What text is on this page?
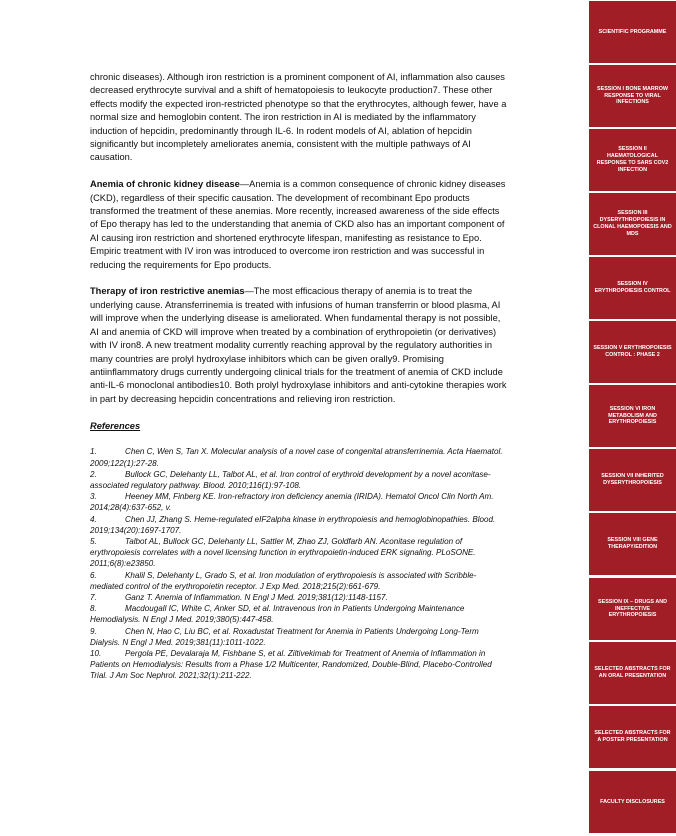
chronic diseases). Although iron restriction is a prominent component of AI, inflammation also causes decreased erythrocyte survival and a shift of hematopoiesis to leukocyte production7. These other effects modify the expected iron-restricted phenotype so that the erythrocytes, although fewer, have a normal size and hemoglobin content. The iron restriction in AI is mediated by the inflammatory induction of hepcidin, predominantly through IL-6. In rodent models of AI, ablation of hepcidin significantly but incompletely ameliorates anemia, consistent with the multiple pathways of AI causation.

Anemia of chronic kidney disease—Anemia is a common consequence of chronic kidney diseases (CKD), regardless of their specific causation. The development of recombinant Epo products transformed the treatment of these anemias. More recently, increased awareness of the side effects of Epo therapy has led to the understanding that anemia of CKD also has an important component of AI causing iron restriction and shortened erythrocyte lifespan, manifesting as resistance to Epo. Empiric treatment with IV iron was introduced to overcome iron restriction and was successful in reducing the requirements for Epo products.

Therapy of iron restrictive anemias—The most efficacious therapy of anemia is to treat the underlying cause. Atransferrinemia is treated with infusions of human transferrin or blood plasma, AI will improve when the underlying disease is ameliorated. When fundamental therapy is not possible, AI and anemia of CKD will improve when treated by a combination of erythropoietin (or derivatives) with IV iron8. A new treatment modality currently reaching approval by the regulatory authorities in many countries are prolyl hydroxylase inhibitors which can be given orally9. Promising antiinflammatory drugs currently undergoing clinical trials for the treatment of anemia of CKD include anti-IL-6 monoclonal antibodies10. Both prolyl hydroxylase inhibitors and anti-cytokine therapies work in part by decreasing hepcidin concentrations and relieving iron restriction.

References

1.	Chen C, Wen S, Tan X. Molecular analysis of a novel case of congenital atransferrinemia. Acta Haematol. 2009;122(1):27-28.

2.	Bullock GC, Delehanty LL, Talbot AL, et al. Iron control of erythroid development by a novel aconitase-associated regulatory pathway. Blood. 2010;116(1):97-108.

3.	Heeney MM, Finberg KE. Iron-refractory iron deficiency anemia (IRIDA). Hematol Oncol Clin North Am. 2014;28(4):637-652, v.

4.	Chen JJ, Zhang S. Heme-regulated eIF2alpha kinase in erythropoiesis and hemoglobinopathies. Blood. 2019;134(20):1697-1707.

5.	Talbot AL, Bullock GC, Delehanty LL, Sattler M, Zhao ZJ, Goldfarb AN. Aconitase regulation of erythropoiesis correlates with a novel licensing function in erythropoietin-induced ERK signaling. PLoSONE. 2011;6(8):e23850.

6.	Khalil S, Delehanty L, Grado S, et al. Iron modulation of erythropoiesis is associated with Scribble-mediated control of the erythropoietin receptor. J Exp Med. 2018;215(2):661-679.

7.	Ganz T. Anemia of Inflammation. N Engl J Med. 2019;381(12):1148-1157.

8.	Macdougall IC, White C, Anker SD, et al. Intravenous Iron in Patients Undergoing Maintenance Hemodialysis. N Engl J Med. 2019;380(5):447-458.

9.	Chen N, Hao C, Liu BC, et al. Roxadustat Treatment for Anemia in Patients Undergoing Long-Term Dialysis. N Engl J Med. 2019;381(11):1011-1022.

10.	Pergola PE, Devalaraja M, Fishbane S, et al. Ziltivekimab for Treatment of Anemia of Inflammation in Patients on Hemodialysis: Results from a Phase 1/2 Multicenter, Randomized, Double-Blind, Placebo-Controlled Trial. J Am Soc Nephrol. 2021;32(1):211-222.

SCIENTIFIC PROGRAMME
SESSION I BONE MARROW RESPONSE TO VIRAL INFECTIONS
SESSION II HAEMATOLOGICAL RESPONSE TO SARS COV2 INFECTION
SESSION III DYSERYTHROPOIESIS IN CLONAL HAEMOPOIESIS AND MDS
SESSION IV ERYTHROPOIESIS CONTROL
SESSION V ERYTHROPOIESIS CONTROL : PHASE 2
SESSION VI IRON METABOLISM AND ERYTHROPOIESIS
SESSION VII INHERITED DYSERYTHROPOIESIS
SESSION VIII GENE THERAPY/EDITION
SESSION IX – DRUGS AND INEFFECTIVE ERYTHROPOIESIS
SELECTED ABSTRACTS FOR AN ORAL PRESENTATION
SELECTED ABSTRACTS FOR A POSTER PRESENTATION
FACULTY DISCLOSURES
